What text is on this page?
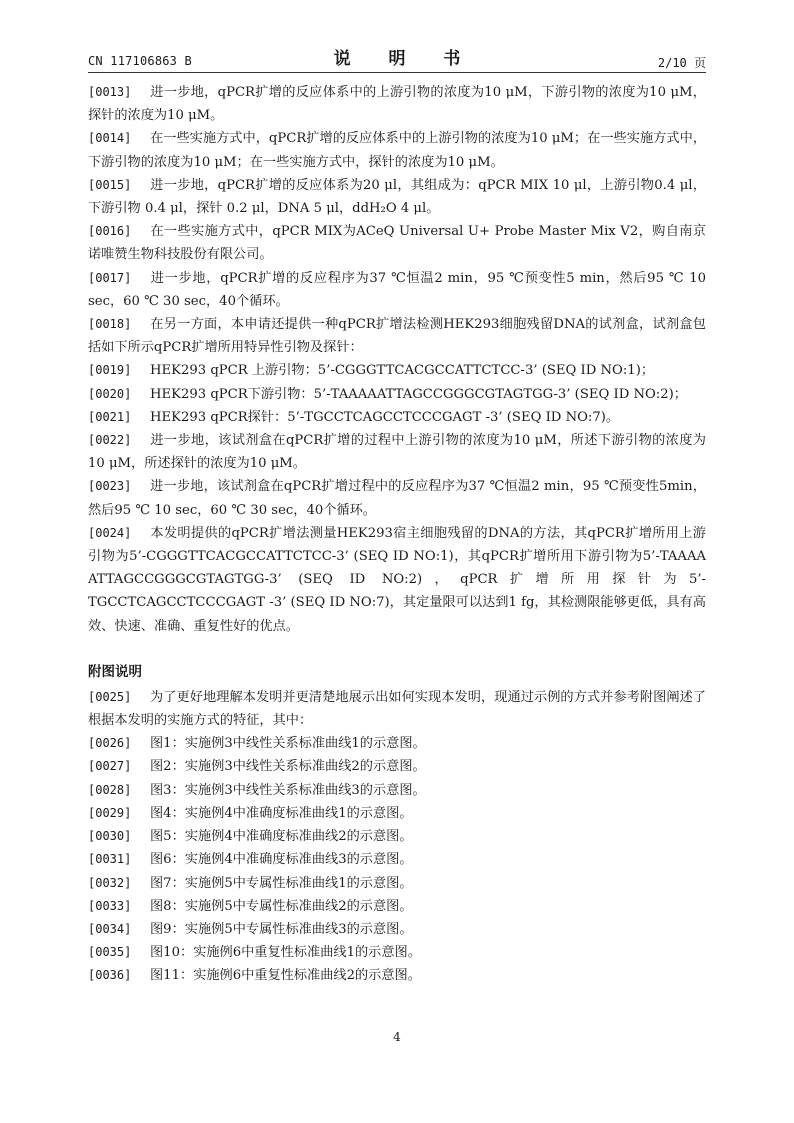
CN 117106863 B	说 明 书	2/10 页
[0013] 进一步地，qPCR扩增的反应体系中的上游引物的浓度为10 μM，下游引物的浓度为10 μM，探针的浓度为10 μM。
[0014] 在一些实施方式中，qPCR扩增的反应体系中的上游引物的浓度为10 μM；在一些实施方式中，下游引物的浓度为10 μM；在一些实施方式中，探针的浓度为10 μM。
[0015] 进一步地，qPCR扩增的反应体系为20 μl，其组成为：qPCR MIX 10 μl，上游引物0.4 μl，下游引物 0.4 μl，探针 0.2 μl，DNA 5 μl，ddH₂O 4 μl。
[0016] 在一些实施方式中，qPCR MIX为ACeQ Universal U+ Probe Master Mix V2，购自南京诺唯赞生物科技股份有限公司。
[0017] 进一步地，qPCR扩增的反应程序为37 ℃恒温2 min，95 ℃预变性5 min，然后95 ℃ 10 sec，60 ℃ 30 sec，40个循环。
[0018] 在另一方面，本申请还提供一种qPCR扩增法检测HEK293细胞残留DNA的试剂盒，试剂盒包括如下所示qPCR扩增所用特异性引物及探针：
[0019] HEK293 qPCR 上游引物：5’-CGGGTTCACGCCATTCTCC-3’ (SEQ ID NO:1)；
[0020] HEK293 qPCR下游引物：5’-TAAAAATTAGCCGGGCGTAGTGG-3’ (SEQ ID NO:2)；
[0021] HEK293 qPCR探针：5’-TGCCTCAGCCTCCCGAGT -3’ (SEQ ID NO:7)。
[0022] 进一步地，该试剂盒在qPCR扩增的过程中上游引物的浓度为10 μM，所述下游引物的浓度为10 μM，所述探针的浓度为10 μM。
[0023] 进一步地，该试剂盒在qPCR扩增过程中的反应程序为37 ℃恒温2 min，95 ℃预变性5min，然后95 ℃ 10 sec，60 ℃ 30 sec，40个循环。
[0024] 本发明提供的qPCR扩增法测量HEK293宿主细胞残留的DNA的方法，其qPCR扩增所用上游引物为5’-CGGGTTCACGCCATTCTCC-3’ (SEQ ID NO:1)，其qPCR扩增所用下游引物为5’-TAAAA ATTAGCCGGGCGTAGTGG-3’ (SEQ ID NO:2)，qPCR扩增所用探针为5’-TGCCTCAGCCTCCCGAGT -3’ (SEQ ID NO:7)，其定量限可以达到1 fg，其检测限能够更低，具有高效、快速、准确、重复性好的优点。
附图说明
[0025] 为了更好地理解本发明并更清楚地展示出如何实现本发明，现通过示例的方式并参考附图阐述了根据本发明的实施方式的特征，其中：
[0026] 图1：实施例3中线性关系标准曲线1的示意图。
[0027] 图2：实施例3中线性关系标准曲线2的示意图。
[0028] 图3：实施例3中线性关系标准曲线3的示意图。
[0029] 图4：实施例4中准确度标准曲线1的示意图。
[0030] 图5：实施例4中准确度标准曲线2的示意图。
[0031] 图6：实施例4中准确度标准曲线3的示意图。
[0032] 图7：实施例5中专属性标准曲线1的示意图。
[0033] 图8：实施例5中专属性标准曲线2的示意图。
[0034] 图9：实施例5中专属性标准曲线3的示意图。
[0035] 图10：实施例6中重复性标准曲线1的示意图。
[0036] 图11：实施例6中重复性标准曲线2的示意图。
4
